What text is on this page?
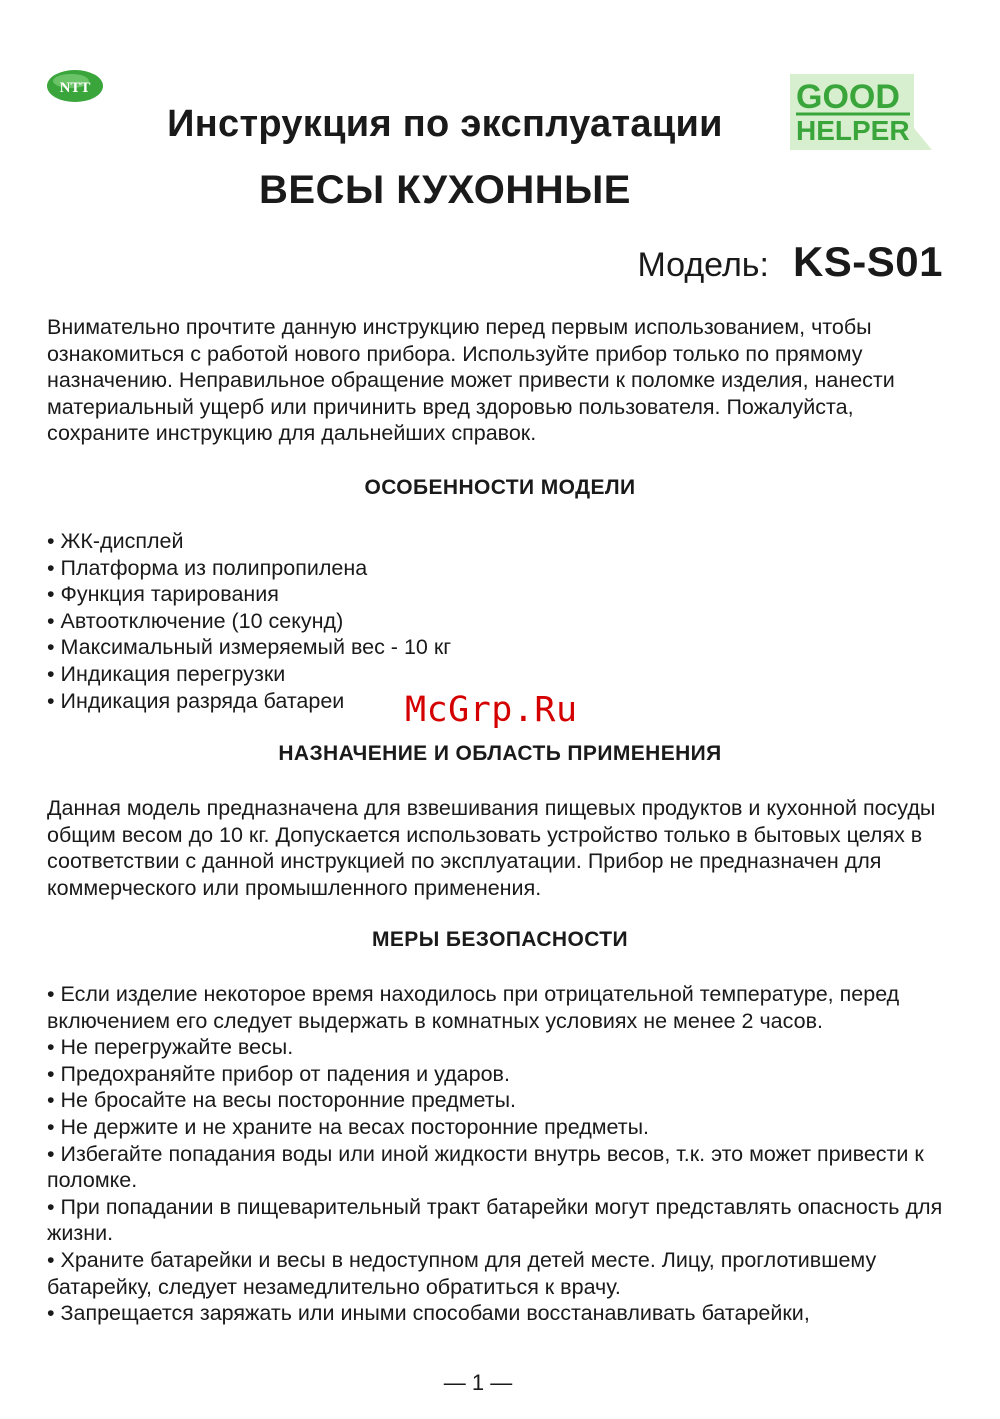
NTT	GOOD
HELPER
Инструкция по эксплуатации
ВЕСЫ КУХОННЫЕ
Модель: KS-S01
Внимательно прочтите данную инструкцию перед первым использованием, чтобы ознакомиться с работой нового прибора. Используйте прибор только по прямому назначению. Неправильное обращение может привести к поломке изделия, нанести материальный ущерб или причинить вред здоровью пользователя. Пожалуйста, сохраните инструкцию для дальнейших справок.
ОСОБЕННОСТИ МОДЕЛИ
• ЖК-дисплей
• Платформа из полипропилена
• Функция тарирования
• Автоотключение (10 секунд)
• Максимальный измеряемый вес - 10 кг
• Индикация перегрузки
• Индикация разряда батареи	McGrp.Ru
НАЗНАЧЕНИЕ И ОБЛАСТЬ ПРИМЕНЕНИЯ
Данная модель предназначена для взвешивания пищевых продуктов и кухонной посуды общим весом до 10 кг. Допускается использовать устройство только в бытовых целях в соответствии с данной инструкцией по эксплуатации. Прибор не предназначен для коммерческого или промышленного применения.
МЕРЫ БЕЗОПАСНОСТИ
• Если изделие некоторое время находилось при отрицательной температуре, перед включением его следует выдержать в комнатных условиях не менее 2 часов.
• Не перегружайте весы.
• Предохраняйте прибор от падения и ударов.
• Не бросайте на весы посторонние предметы.
• Не держите и не храните на весах посторонние предметы.
• Избегайте попадания воды или иной жидкости внутрь весов, т.к. это может привести к поломке.
• При попадании в пищеварительный тракт батарейки могут представлять опасность для жизни.
• Храните батарейки и весы в недоступном для детей месте. Лицу, проглотившему батарейку, следует незамедлительно обратиться к врачу.
• Запрещается заряжать или иными способами восстанавливать батарейки,
— 1 —
